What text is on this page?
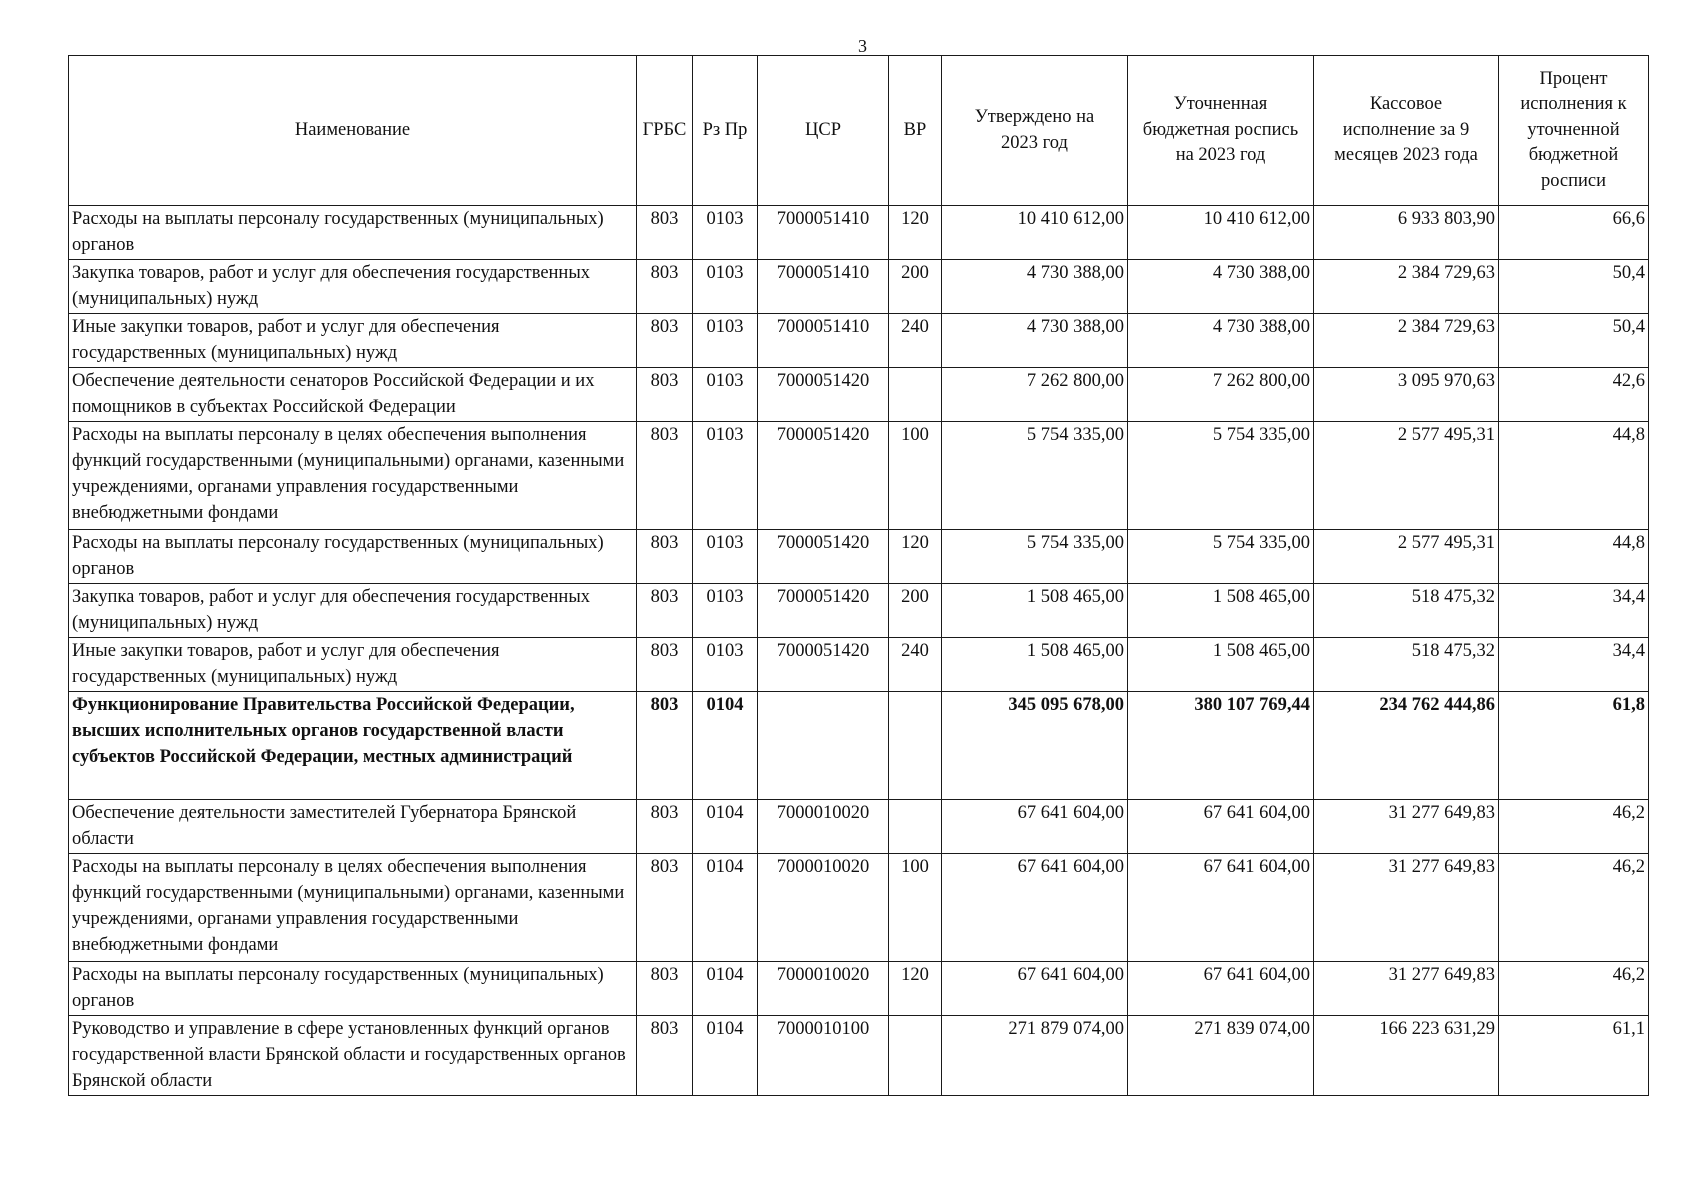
3
Наименование	ГРБС	Рз Пр	ЦСР	ВР	Утверждено на 2023 год	Уточненная бюджетная роспись на 2023 год	Кассовое исполнение за 9 месяцев 2023 года	Процент исполнения к уточненной бюджетной росписи
Расходы на выплаты персоналу государственных (муниципальных) органов	803	0103	7000051410	120	10 410 612,00	10 410 612,00	6 933 803,90	66,6
Закупка товаров, работ и услуг для обеспечения государственных (муниципальных) нужд	803	0103	7000051410	200	4 730 388,00	4 730 388,00	2 384 729,63	50,4
Иные закупки товаров, работ и услуг для обеспечения государственных (муниципальных) нужд	803	0103	7000051410	240	4 730 388,00	4 730 388,00	2 384 729,63	50,4
Обеспечение деятельности сенаторов Российской Федерации и их помощников в субъектах Российской Федерации	803	0103	7000051420		7 262 800,00	7 262 800,00	3 095 970,63	42,6
Расходы на выплаты персоналу в целях обеспечения выполнения функций государственными (муниципальными) органами, казенными учреждениями, органами управления государственными внебюджетными фондами	803	0103	7000051420	100	5 754 335,00	5 754 335,00	2 577 495,31	44,8
Расходы на выплаты персоналу государственных (муниципальных) органов	803	0103	7000051420	120	5 754 335,00	5 754 335,00	2 577 495,31	44,8
Закупка товаров, работ и услуг для обеспечения государственных (муниципальных) нужд	803	0103	7000051420	200	1 508 465,00	1 508 465,00	518 475,32	34,4
Иные закупки товаров, работ и услуг для обеспечения государственных (муниципальных) нужд	803	0103	7000051420	240	1 508 465,00	1 508 465,00	518 475,32	34,4
Функционирование Правительства Российской Федерации, высших исполнительных органов государственной власти субъектов Российской Федерации, местных администраций	803	0104			345 095 678,00	380 107 769,44	234 762 444,86	61,8
Обеспечение деятельности заместителей Губернатора Брянской области	803	0104	7000010020		67 641 604,00	67 641 604,00	31 277 649,83	46,2
Расходы на выплаты персоналу в целях обеспечения выполнения функций государственными (муниципальными) органами, казенными учреждениями, органами управления государственными внебюджетными фондами	803	0104	7000010020	100	67 641 604,00	67 641 604,00	31 277 649,83	46,2
Расходы на выплаты персоналу государственных (муниципальных) органов	803	0104	7000010020	120	67 641 604,00	67 641 604,00	31 277 649,83	46,2
Руководство и управление в сфере установленных функций органов государственной власти Брянской области и государственных органов Брянской области	803	0104	7000010100		271 879 074,00	271 839 074,00	166 223 631,29	61,1
